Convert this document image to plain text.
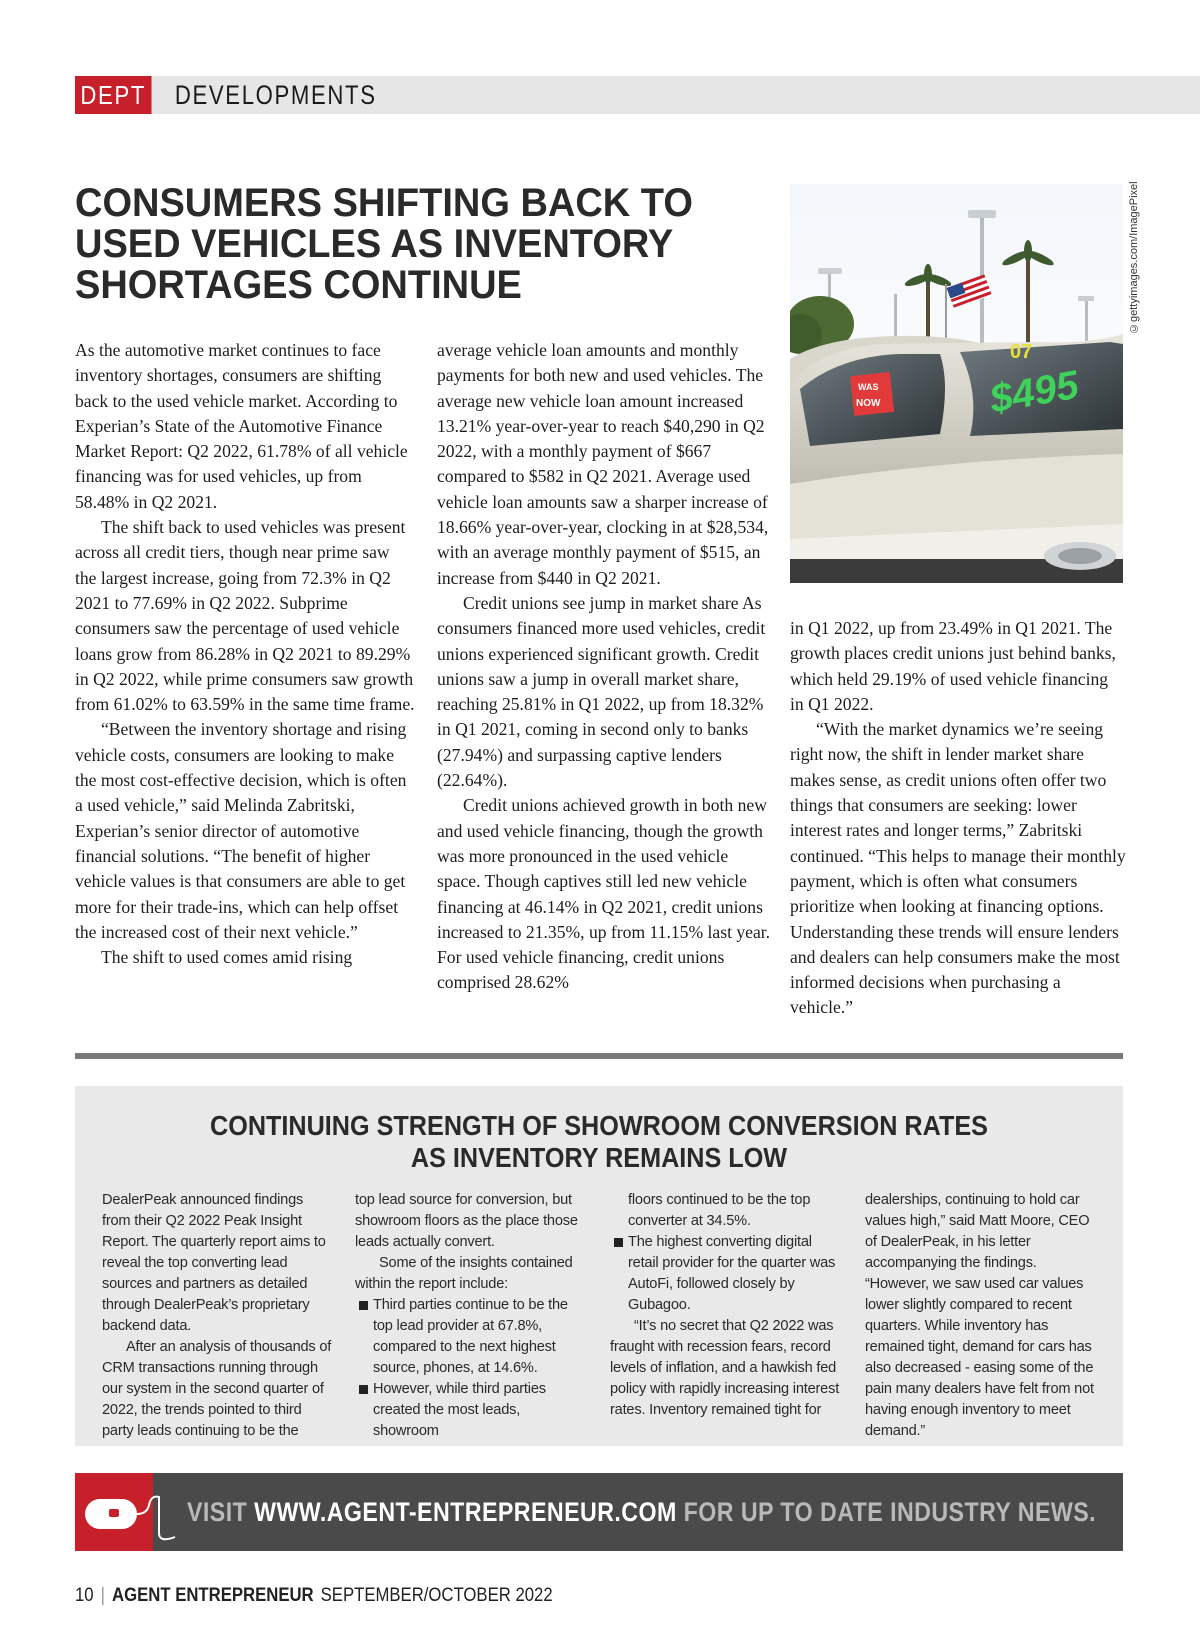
DEPT	DEVELOPMENTS
CONSUMERS SHIFTING BACK TO USED VEHICLES AS INVENTORY SHORTAGES CONTINUE
WAS
NOW	$495
07
©gettyimages.com/ImagePixel

As the automotive market continues to face inventory shortages, consumers are shifting back to the used vehicle market. According to Experian’s State of the Automotive Finance Market Report: Q2 2022, 61.78% of all vehicle financing was for used vehicles, up from 58.48% in Q2 2021.

The shift back to used vehicles was present across all credit tiers, though near prime saw the largest increase, going from 72.3% in Q2 2021 to 77.69% in Q2 2022. Subprime consumers saw the percentage of used vehicle loans grow from 86.28% in Q2 2021 to 89.29% in Q2 2022, while prime consumers saw growth from 61.02% to 63.59% in the same time frame.

“Between the inventory shortage and rising vehicle costs, consumers are looking to make the most cost-effective decision, which is often a used vehicle,” said Melinda Zabritski, Experian’s senior director of automotive financial solutions. “The benefit of higher vehicle values is that consumers are able to get more for their trade-ins, which can help offset the increased cost of their next vehicle.”

The shift to used comes amid rising

average vehicle loan amounts and monthly payments for both new and used vehicles. The average new vehicle loan amount increased 13.21% year-over-year to reach $40,290 in Q2 2022, with a monthly payment of $667 compared to $582 in Q2 2021. Average used vehicle loan amounts saw a sharper increase of 18.66% year-over-year, clocking in at $28,534, with an average monthly payment of $515, an increase from $440 in Q2 2021.

Credit unions see jump in market share As consumers financed more used vehicles, credit unions experienced significant growth. Credit unions saw a jump in overall market share, reaching 25.81% in Q1 2022, up from 18.32% in Q1 2021, coming in second only to banks (27.94%) and surpassing captive lenders (22.64%).

Credit unions achieved growth in both new and used vehicle financing, though the growth was more pronounced in the used vehicle space. Though captives still led new vehicle financing at 46.14% in Q2 2021, credit unions increased to 21.35%, up from 11.15% last year. For used vehicle financing, credit unions comprised 28.62%

in Q1 2022, up from 23.49% in Q1 2021. The growth places credit unions just behind banks, which held 29.19% of used vehicle financing in Q1 2022.

“With the market dynamics we’re seeing right now, the shift in lender market share makes sense, as credit unions often offer two things that consumers are seeking: lower interest rates and longer terms,” Zabritski continued. “This helps to manage their monthly payment, which is often what consumers prioritize when looking at financing options. Understanding these trends will ensure lenders and dealers can help consumers make the most informed decisions when purchasing a vehicle.”

CONTINUING STRENGTH OF SHOWROOM CONVERSION RATES
AS INVENTORY REMAINS LOW

DealerPeak announced findings from their Q2 2022 Peak Insight Report. The quarterly report aims to reveal the top converting lead sources and partners as detailed through DealerPeak’s proprietary backend data.

After an analysis of thousands of CRM transactions running through our system in the second quarter of 2022, the trends pointed to third party leads continuing to be the

top lead source for conversion, but showroom floors as the place those leads actually convert.

Some of the insights contained within the report include:

Third parties continue to be the top lead provider at 67.8%, compared to the next highest source, phones, at 14.6%.

However, while third parties created the most leads, showroom

floors continued to be the top converter at 34.5%.

The highest converting digital retail provider for the quarter was AutoFi, followed closely by Gubagoo.

“It’s no secret that Q2 2022 was fraught with recession fears, record levels of inflation, and a hawkish fed policy with rapidly increasing interest rates. Inventory remained tight for

dealerships, continuing to hold car values high,” said Matt Moore, CEO of DealerPeak, in his letter accompanying the findings. “However, we saw used car values lower slightly compared to recent quarters. While inventory has remained tight, demand for cars has also decreased - easing some of the pain many dealers have felt from not having enough inventory to meet demand.”

VISIT WWW.AGENT-ENTREPRENEUR.COM FOR UP TO DATE INDUSTRY NEWS.
10 | AGENT ENTREPRENEUR SEPTEMBER/OCTOBER 2022
